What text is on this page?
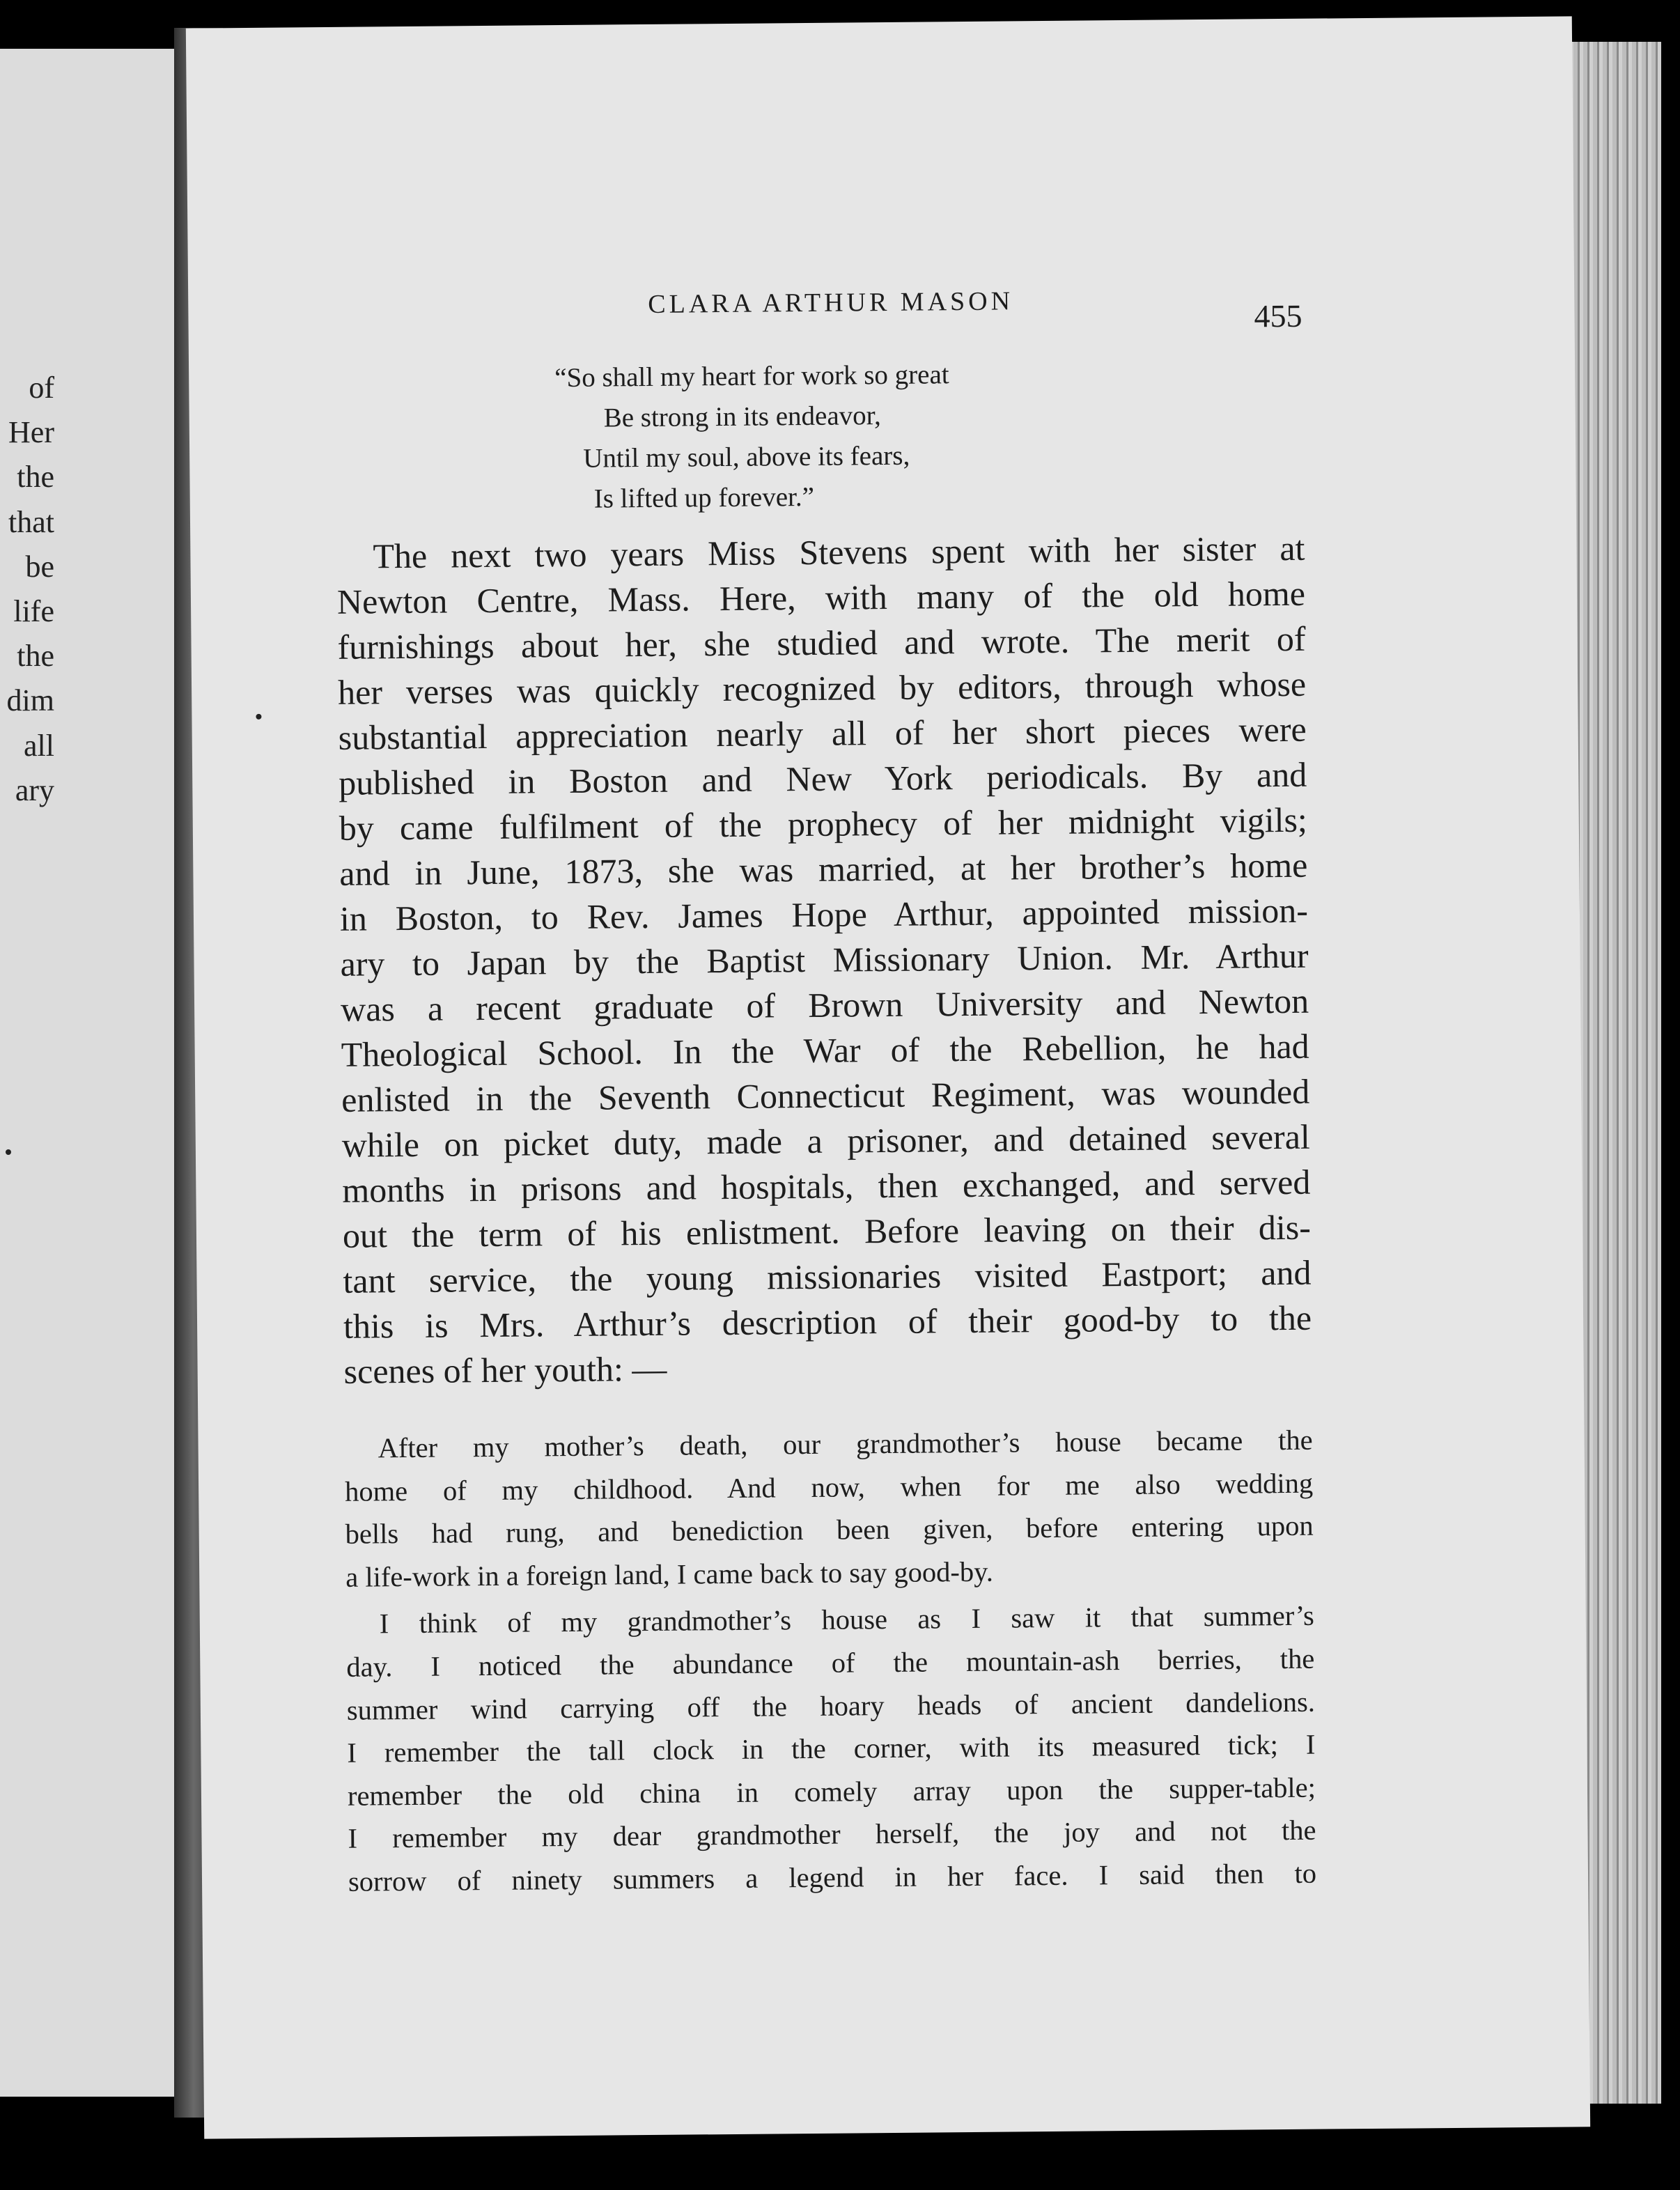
of
Her
the
that
be
life
the
dim
all
ary
CLARA ARTHUR MASON	455
“So shall my heart for work so great
Be strong in its endeavor,
Until my soul, above its fears,
Is lifted up forever.”
The next two years Miss Stevens spent with her sister at
Newton Centre, Mass. Here, with many of the old home
furnishings about her, she studied and wrote. The merit of
her verses was quickly recognized by editors, through whose
substantial appreciation nearly all of her short pieces were
published in Boston and New York periodicals. By and
by came fulfilment of the prophecy of her midnight vigils;
and in June, 1873, she was married, at her brother’s home
in Boston, to Rev. James Hope Arthur, appointed mission-
ary to Japan by the Baptist Missionary Union. Mr. Arthur
was a recent graduate of Brown University and Newton
Theological School. In the War of the Rebellion, he had
enlisted in the Seventh Connecticut Regiment, was wounded
while on picket duty, made a prisoner, and detained several
months in prisons and hospitals, then exchanged, and served
out the term of his enlistment. Before leaving on their dis-
tant service, the young missionaries visited Eastport; and
this is Mrs. Arthur’s description of their good-by to the
scenes of her youth: —
After my mother’s death, our grandmother’s house became the
home of my childhood. And now, when for me also wedding
bells had rung, and benediction been given, before entering upon
a life-work in a foreign land, I came back to say good-by.
I think of my grandmother’s house as I saw it that summer’s
day. I noticed the abundance of the mountain-ash berries, the
summer wind carrying off the hoary heads of ancient dandelions.
I remember the tall clock in the corner, with its measured tick; I
remember the old china in comely array upon the supper-table;
I remember my dear grandmother herself, the joy and not the
sorrow of ninety summers a legend in her face. I said then to
